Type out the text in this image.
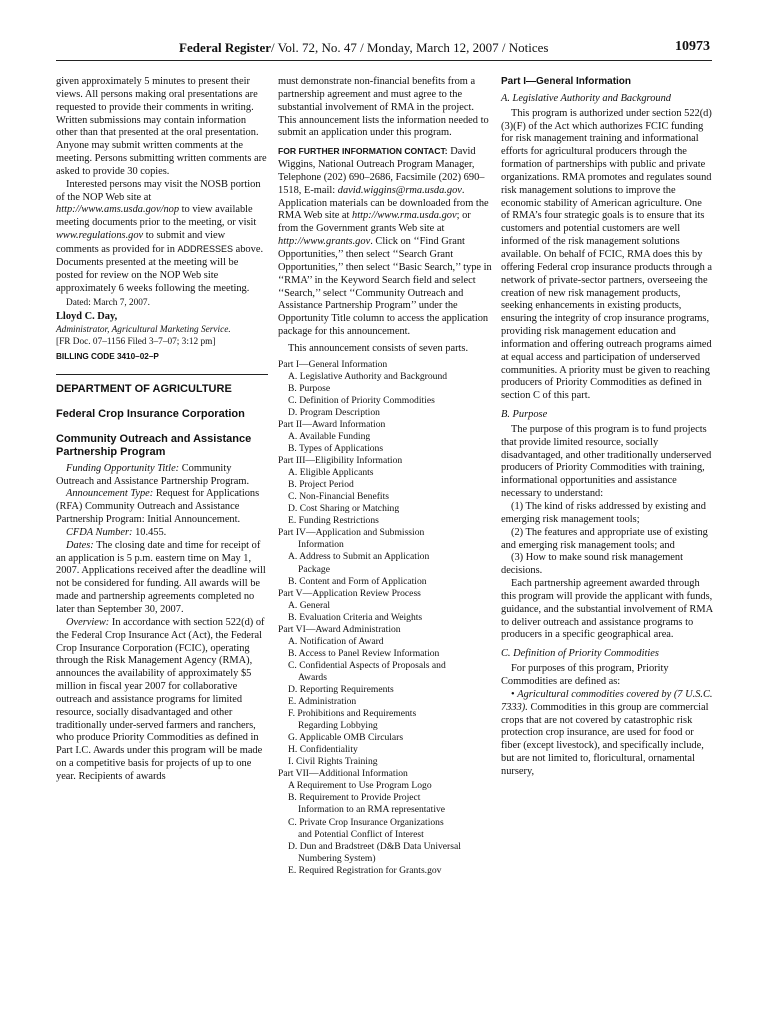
Federal Register/ Vol. 72, No. 47 / Monday, March 12, 2007 / Notices	10973

given approximately 5 minutes to present their views. All persons making oral presentations are requested to provide their comments in writing. Written submissions may contain information other than that presented at the oral presentation. Anyone may submit written comments at the meeting. Persons submitting written comments are asked to provide 30 copies.

Interested persons may visit the NOSB portion of the NOP Web site at http://www.ams.usda.gov/nop to view available meeting documents prior to the meeting, or visit www.regulations.gov to submit and view comments as provided for in ADDRESSES above. Documents presented at the meeting will be posted for review on the NOP Web site approximately 6 weeks following the meeting.

Dated: March 7, 2007.

Lloyd C. Day,

Administrator, Agricultural Marketing Service.

[FR Doc. 07–1156 Filed 3–7–07; 3:12 pm]

BILLING CODE 3410–02–P

DEPARTMENT OF AGRICULTURE

Federal Crop Insurance Corporation

Community Outreach and Assistance Partnership Program

Funding Opportunity Title: Community Outreach and Assistance Partnership Program.

Announcement Type: Request for Applications (RFA) Community Outreach and Assistance Partnership Program: Initial Announcement.

CFDA Number: 10.455.

Dates: The closing date and time for receipt of an application is 5 p.m. eastern time on May 1, 2007. Applications received after the deadline will not be considered for funding. All awards will be made and partnership agreements completed no later than September 30, 2007.

Overview: In accordance with section 522(d) of the Federal Crop Insurance Act (Act), the Federal Crop Insurance Corporation (FCIC), operating through the Risk Management Agency (RMA), announces the availability of approximately $5 million in fiscal year 2007 for collaborative outreach and assistance programs for limited resource, socially disadvantaged and other traditionally under-served farmers and ranchers, who produce Priority Commodities as defined in Part I.C. Awards under this program will be made on a competitive basis for projects of up to one year. Recipients of awards

must demonstrate non-financial benefits from a partnership agreement and must agree to the substantial involvement of RMA in the project. This announcement lists the information needed to submit an application under this program.

FOR FURTHER INFORMATION CONTACT: David Wiggins, National Outreach Program Manager, Telephone (202) 690–2686, Facsimile (202) 690–1518, E-mail: david.wiggins@rma.usda.gov. Application materials can be downloaded from the RMA Web site at http://www.rma.usda.gov; or from the Government grants Web site at http://www.grants.gov. Click on ‘‘Find Grant Opportunities,’’ then select ‘‘Search Grant Opportunities,’’ then select ‘‘Basic Search,’’ type in ‘‘RMA’’ in the Keyword Search field and select ‘‘Search,’’ select ‘‘Community Outreach and Assistance Partnership Program’’ under the Opportunity Title column to access the application package for this announcement.

This announcement consists of seven parts.

Part I—General Information
A. Legislative Authority and Background
B. Purpose
C. Definition of Priority Commodities
D. Program Description
Part II—Award Information
A. Available Funding
B. Types of Applications
Part III—Eligibility Information
A. Eligible Applicants
B. Project Period
C. Non-Financial Benefits
D. Cost Sharing or Matching
E. Funding Restrictions
Part IV—Application and Submission
Information
A. Address to Submit an Application
Package
B. Content and Form of Application
Part V—Application Review Process
A. General
B. Evaluation Criteria and Weights
Part VI—Award Administration
A. Notification of Award
B. Access to Panel Review Information
C. Confidential Aspects of Proposals and
Awards
D. Reporting Requirements
E. Administration
F. Prohibitions and Requirements
Regarding Lobbying
G. Applicable OMB Circulars
H. Confidentiality
I. Civil Rights Training
Part VII—Additional Information
A Requirement to Use Program Logo
B. Requirement to Provide Project
Information to an RMA representative
C. Private Crop Insurance Organizations
and Potential Conflict of Interest
D. Dun and Bradstreet (D&B Data Universal
Numbering System)
E. Required Registration for Grants.gov

Part I—General Information

A. Legislative Authority and Background

This program is authorized under section 522(d)(3)(F) of the Act which authorizes FCIC funding for risk management training and informational efforts for agricultural producers through the formation of partnerships with public and private organizations. RMA promotes and regulates sound risk management solutions to improve the economic stability of American agriculture. One of RMA’s four strategic goals is to ensure that its customers and potential customers are well informed of the risk management solutions available. On behalf of FCIC, RMA does this by offering Federal crop insurance products through a network of private-sector partners, overseeing the creation of new risk management products, seeking enhancements in existing products, ensuring the integrity of crop insurance programs, providing risk management education and information and offering outreach programs aimed at equal access and participation of underserved communities. A priority must be given to reaching producers of Priority Commodities as defined in section C of this part.

B. Purpose

The purpose of this program is to fund projects that provide limited resource, socially disadvantaged, and other traditionally underserved producers of Priority Commodities with training, informational opportunities and assistance necessary to understand:

(1) The kind of risks addressed by existing and emerging risk management tools;

(2) The features and appropriate use of existing and emerging risk management tools; and

(3) How to make sound risk management decisions.

Each partnership agreement awarded through this program will provide the applicant with funds, guidance, and the substantial involvement of RMA to deliver outreach and assistance programs to producers in a specific geographical area.

C. Definition of Priority Commodities

For purposes of this program, Priority Commodities are defined as:

• Agricultural commodities covered by (7 U.S.C. 7333). Commodities in this group are commercial crops that are not covered by catastrophic risk protection crop insurance, are used for food or fiber (except livestock), and specifically include, but are not limited to, floricultural, ornamental nursery,
